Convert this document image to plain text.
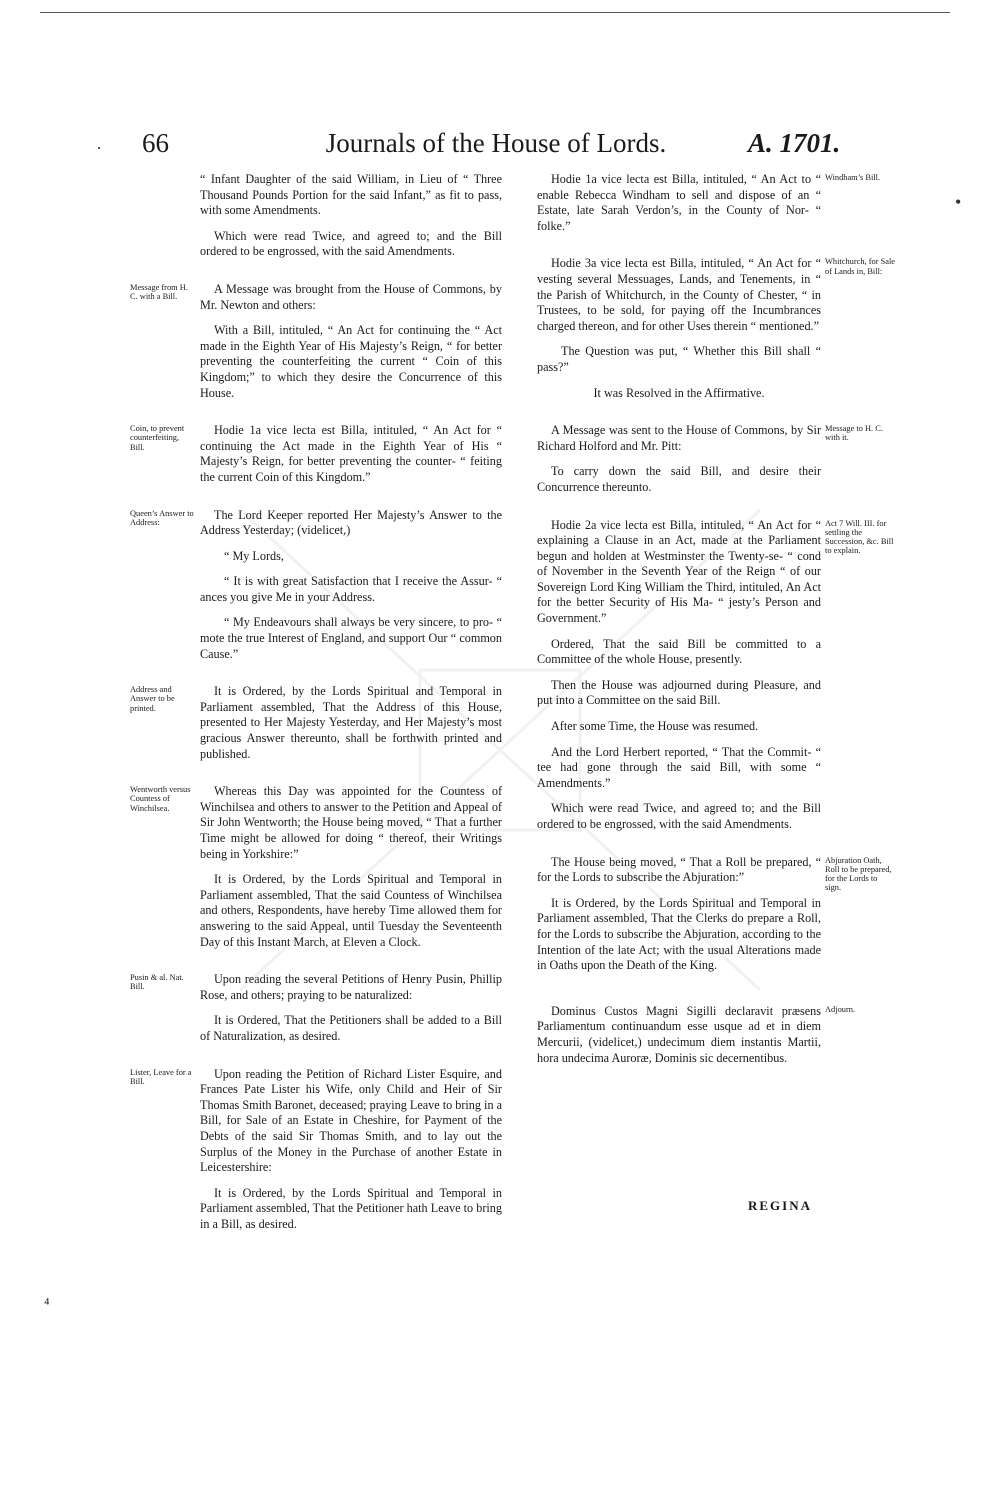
·
•
⁴
66	Journals of the House of Lords.	A. 1701.

“ Infant Daughter of the said William, in Lieu of “ Three Thousand Pounds Portion for the said Infant,” as fit to pass, with some Amendments.

Which were read Twice, and agreed to; and the Bill ordered to be engrossed, with the said Amendments.

A Message was brought from the House of Commons, by Mr. Newton and others:
Message from H. C. with a Bill.

With a Bill, intituled, “ An Act for continuing the “ Act made in the Eighth Year of His Majesty’s Reign, “ for better preventing the counterfeiting the current “ Coin of this Kingdom;” to which they desire the Concurrence of this House.

Hodie 1a vice lecta est Billa, intituled, “ An Act for “ continuing the Act made in the Eighth Year of His “ Majesty’s Reign, for better preventing the counter- “ feiting the current Coin of this Kingdom.”
Coin, to prevent counterfeiting, Bill.

The Lord Keeper reported Her Majesty’s Answer to the Address Yesterday; (videlicet,)
Queen’s Answer to Address:

“ My Lords,

“ It is with great Satisfaction that I receive the Assur- “ ances you give Me in your Address.

“ My Endeavours shall always be very sincere, to pro- “ mote the true Interest of England, and support Our “ common Cause.”

It is Ordered, by the Lords Spiritual and Temporal in Parliament assembled, That the Address of this House, presented to Her Majesty Yesterday, and Her Majesty’s most gracious Answer thereunto, shall be forthwith printed and published.
Address and Answer to be printed.

Whereas this Day was appointed for the Countess of Winchilsea and others to answer to the Petition and Appeal of Sir John Wentworth; the House being moved, “ That a further Time might be allowed for doing “ thereof, their Writings being in Yorkshire:”
Wentworth versus Countess of Winchilsea.

It is Ordered, by the Lords Spiritual and Temporal in Parliament assembled, That the said Countess of Winchilsea and others, Respondents, have hereby Time allowed them for answering to the said Appeal, until Tuesday the Seventeenth Day of this Instant March, at Eleven a Clock.

Upon reading the several Petitions of Henry Pusin, Phillip Rose, and others; praying to be naturalized:
Pusin & al. Nat. Bill.

It is Ordered, That the Petitioners shall be added to a Bill of Naturalization, as desired.

Upon reading the Petition of Richard Lister Esquire, and Frances Pate Lister his Wife, only Child and Heir of Sir Thomas Smith Baronet, deceased; praying Leave to bring in a Bill, for Sale of an Estate in Cheshire, for Payment of the Debts of the said Sir Thomas Smith, and to lay out the Surplus of the Money in the Purchase of another Estate in Leicestershire:
Lister, Leave for a Bill.

It is Ordered, by the Lords Spiritual and Temporal in Parliament assembled, That the Petitioner hath Leave to bring in a Bill, as desired.

Hodie 1a vice lecta est Billa, intituled, “ An Act to “ enable Rebecca Windham to sell and dispose of an “ Estate, late Sarah Verdon’s, in the County of Nor- “ folke.”
Windham’s Bill.

Hodie 3a vice lecta est Billa, intituled, “ An Act for “ vesting several Messuages, Lands, and Tenements, in “ the Parish of Whitchurch, in the County of Chester, “ in Trustees, to be sold, for paying off the Incumbrances charged thereon, and for other Uses therein “ mentioned.”
Whitchurch, for Sale of Lands in, Bill:

The Question was put, “ Whether this Bill shall “ pass?”

It was Resolved in the Affirmative.

A Message was sent to the House of Commons, by Sir Richard Holford and Mr. Pitt:
Message to H. C. with it.

To carry down the said Bill, and desire their Concurrence thereunto.

Hodie 2a vice lecta est Billa, intituled, “ An Act for “ explaining a Clause in an Act, made at the Parliament begun and holden at Westminster the Twenty-se- “ cond of November in the Seventh Year of the Reign “ of our Sovereign Lord King William the Third, intituled, An Act for the better Security of His Ma- “ jesty’s Person and Government.”
Act 7 Will. III. for settling the Succession, &c. Bill to explain.

Ordered, That the said Bill be committed to a Committee of the whole House, presently.

Then the House was adjourned during Pleasure, and put into a Committee on the said Bill.

After some Time, the House was resumed.

And the Lord Herbert reported, “ That the Commit- “ tee had gone through the said Bill, with some “ Amendments.”

Which were read Twice, and agreed to; and the Bill ordered to be engrossed, with the said Amendments.

The House being moved, “ That a Roll be prepared, “ for the Lords to subscribe the Abjuration:”
Abjuration Oath, Roll to be prepared, for the Lords to sign.

It is Ordered, by the Lords Spiritual and Temporal in Parliament assembled, That the Clerks do prepare a Roll, for the Lords to subscribe the Abjuration, according to the Intention of the late Act; with the usual Alterations made in Oaths upon the Death of the King.

Dominus Custos Magni Sigilli declaravit præsens Parliamentum continuandum esse usque ad et in diem Mercurii, (videlicet,) undecimum diem instantis Martii, hora undecima Auroræ, Dominis sic decernentibus.
Adjourn.

REGINA
